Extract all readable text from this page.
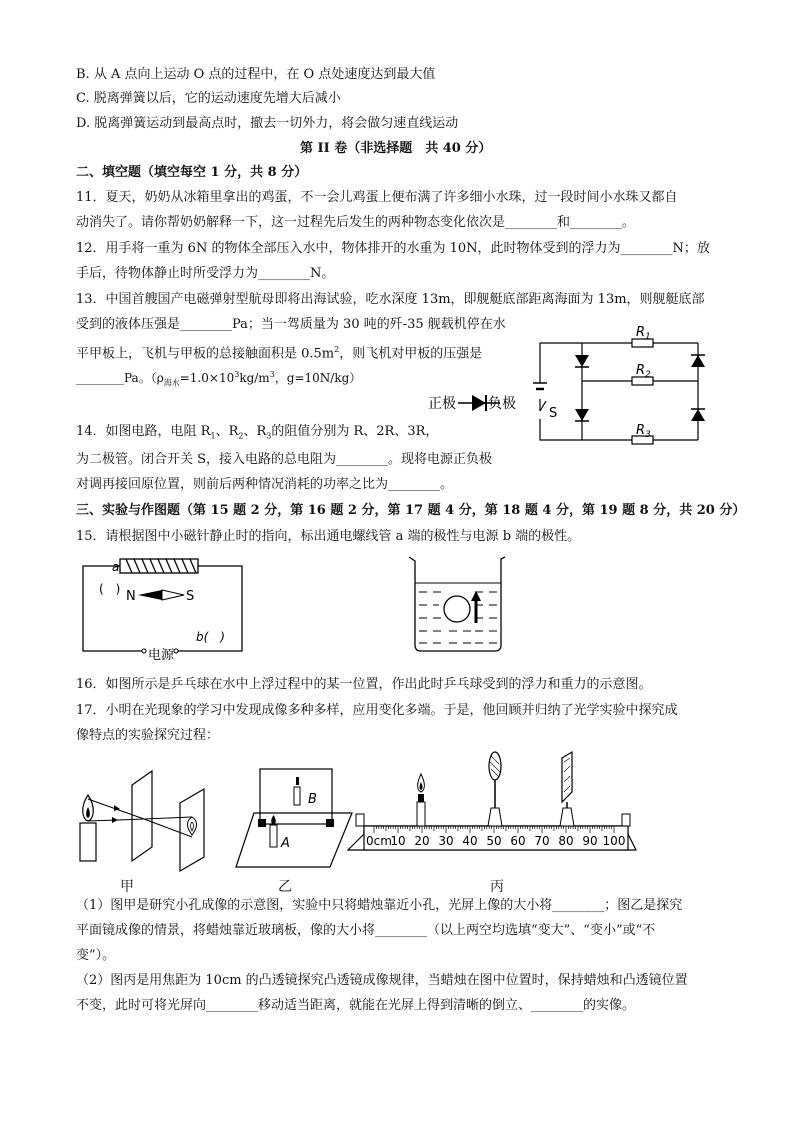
B. 从 A 点向上运动 O 点的过程中，在 O 点处速度达到最大值
C. 脱离弹簧以后，它的运动速度先增大后减小
D. 脱离弹簧运动到最高点时，撤去一切外力，将会做匀速直线运动
第 II 卷（非选择题　共 40 分）
二、填空题（填空每空 1 分，共 8 分）
11．夏天，奶奶从冰箱里拿出的鸡蛋，不一会儿鸡蛋上便布满了许多细小水珠，过一段时间小水珠又都自
动消失了。请你帮奶奶解释一下，这一过程先后发生的两种物态变化依次是________和________。
12．用手将一重为 6N 的物体全部压入水中，物体排开的水重为 10N，此时物体受到的浮力为________N；放
手后，待物体静止时所受浮力为________N。
13．中国首艘国产电磁弹射型航母即将出海试验，吃水深度 13m，即舰艇底部距离海面为 13m，则舰艇底部
受到的液体压强是________Pa；当一驾质量为 30 吨的歼-35 舰载机停在水
平甲板上，飞机与甲板的总接触面积是 $0.5m^2$，则飞机对甲板的压强是
________Pa。（$\rho_{海水}=1.0\times 10^3kg/m^3$，g=10N/kg）
14．如图电路，电阻 $R_1$、$R_2$、$R_3$的阻值分别为 R、2R、3R，
为二极管。闭合开关 S，接入电路的总电阻为________。现将电源正负极
对调再接回原位置，则前后两种情况消耗的功率之比为________。
正极 负极
$R_1$
$R_2$
$R_3$
S
三、实验与作图题（第 15 题 2 分，第 16 题 2 分，第 17 题 4 分，第 18 题 4 分，第 19 题 8 分，共 20 分）
15．请根据图中小磁针静止时的指向，标出通电螺线管 a 端的极性与电源 b 端的极性。
a
(　) N	S
b(　)
电源
16．如图所示是乒乓球在水中上浮过程中的某一位置，作出此时乒乓球受到的浮力和重力的示意图。
17．小明在光现象的学习中发现成像多种多样，应用变化多端。于是，他回顾并归纳了光学实验中探究成
像特点的实验探究过程：
甲
B
A
乙
0cm
10 20 30 40 50 60 70 80 90 100
丙
（1）图甲是研究小孔成像的示意图，实验中只将蜡烛靠近小孔，光屏上像的大小将________；图乙是探究
平面镜成像的情景，将蜡烛靠近玻璃板，像的大小将________（以上两空均选填“变大”、“变小”或“不
变”）。
（2）图丙是用焦距为 10cm 的凸透镜探究凸透镜成像规律，当蜡烛在图中位置时，保持蜡烛和凸透镜位置
不变，此时可将光屏向________移动适当距离，就能在光屏上得到清晰的倒立、________的实像。
